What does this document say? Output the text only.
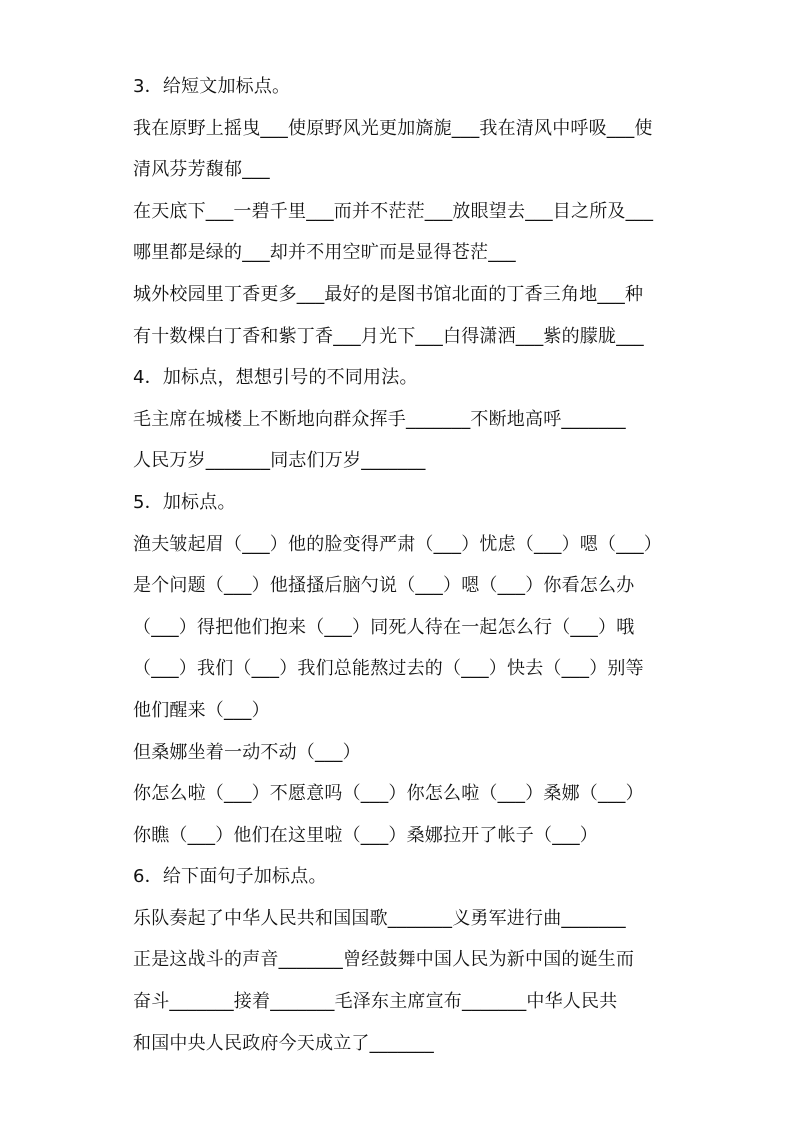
3．给短文加标点。
我在原野上摇曳___使原野风光更加旖旎___我在清风中呼吸___使
清风芬芳馥郁___
在天底下___一碧千里___而并不茫茫___放眼望去___目之所及___
哪里都是绿的___却并不用空旷而是显得苍茫___
城外校园里丁香更多___最好的是图书馆北面的丁香三角地___种
有十数棵白丁香和紫丁香___月光下___白得潇洒___紫的朦胧___
4．加标点，想想引号的不同用法。
毛主席在城楼上不断地向群众挥手_______不断地高呼_______
人民万岁_______同志们万岁_______
5．加标点。
渔夫皱起眉（___）他的脸变得严肃（___）忧虑（___）嗯（___）
是个问题（___）他搔搔后脑勺说（___）嗯（___）你看怎么办
（___）得把他们抱来（___）同死人待在一起怎么行（___）哦
（___）我们（___）我们总能熬过去的（___）快去（___）别等
他们醒来（___）
但桑娜坐着一动不动（___）
你怎么啦（___）不愿意吗（___）你怎么啦（___）桑娜（___）
你瞧（___）他们在这里啦（___）桑娜拉开了帐子（___）
6．给下面句子加标点。
乐队奏起了中华人民共和国国歌_______义勇军进行曲_______
正是这战斗的声音_______曾经鼓舞中国人民为新中国的诞生而
奋斗_______接着_______毛泽东主席宣布_______中华人民共
和国中央人民政府今天成立了_______
